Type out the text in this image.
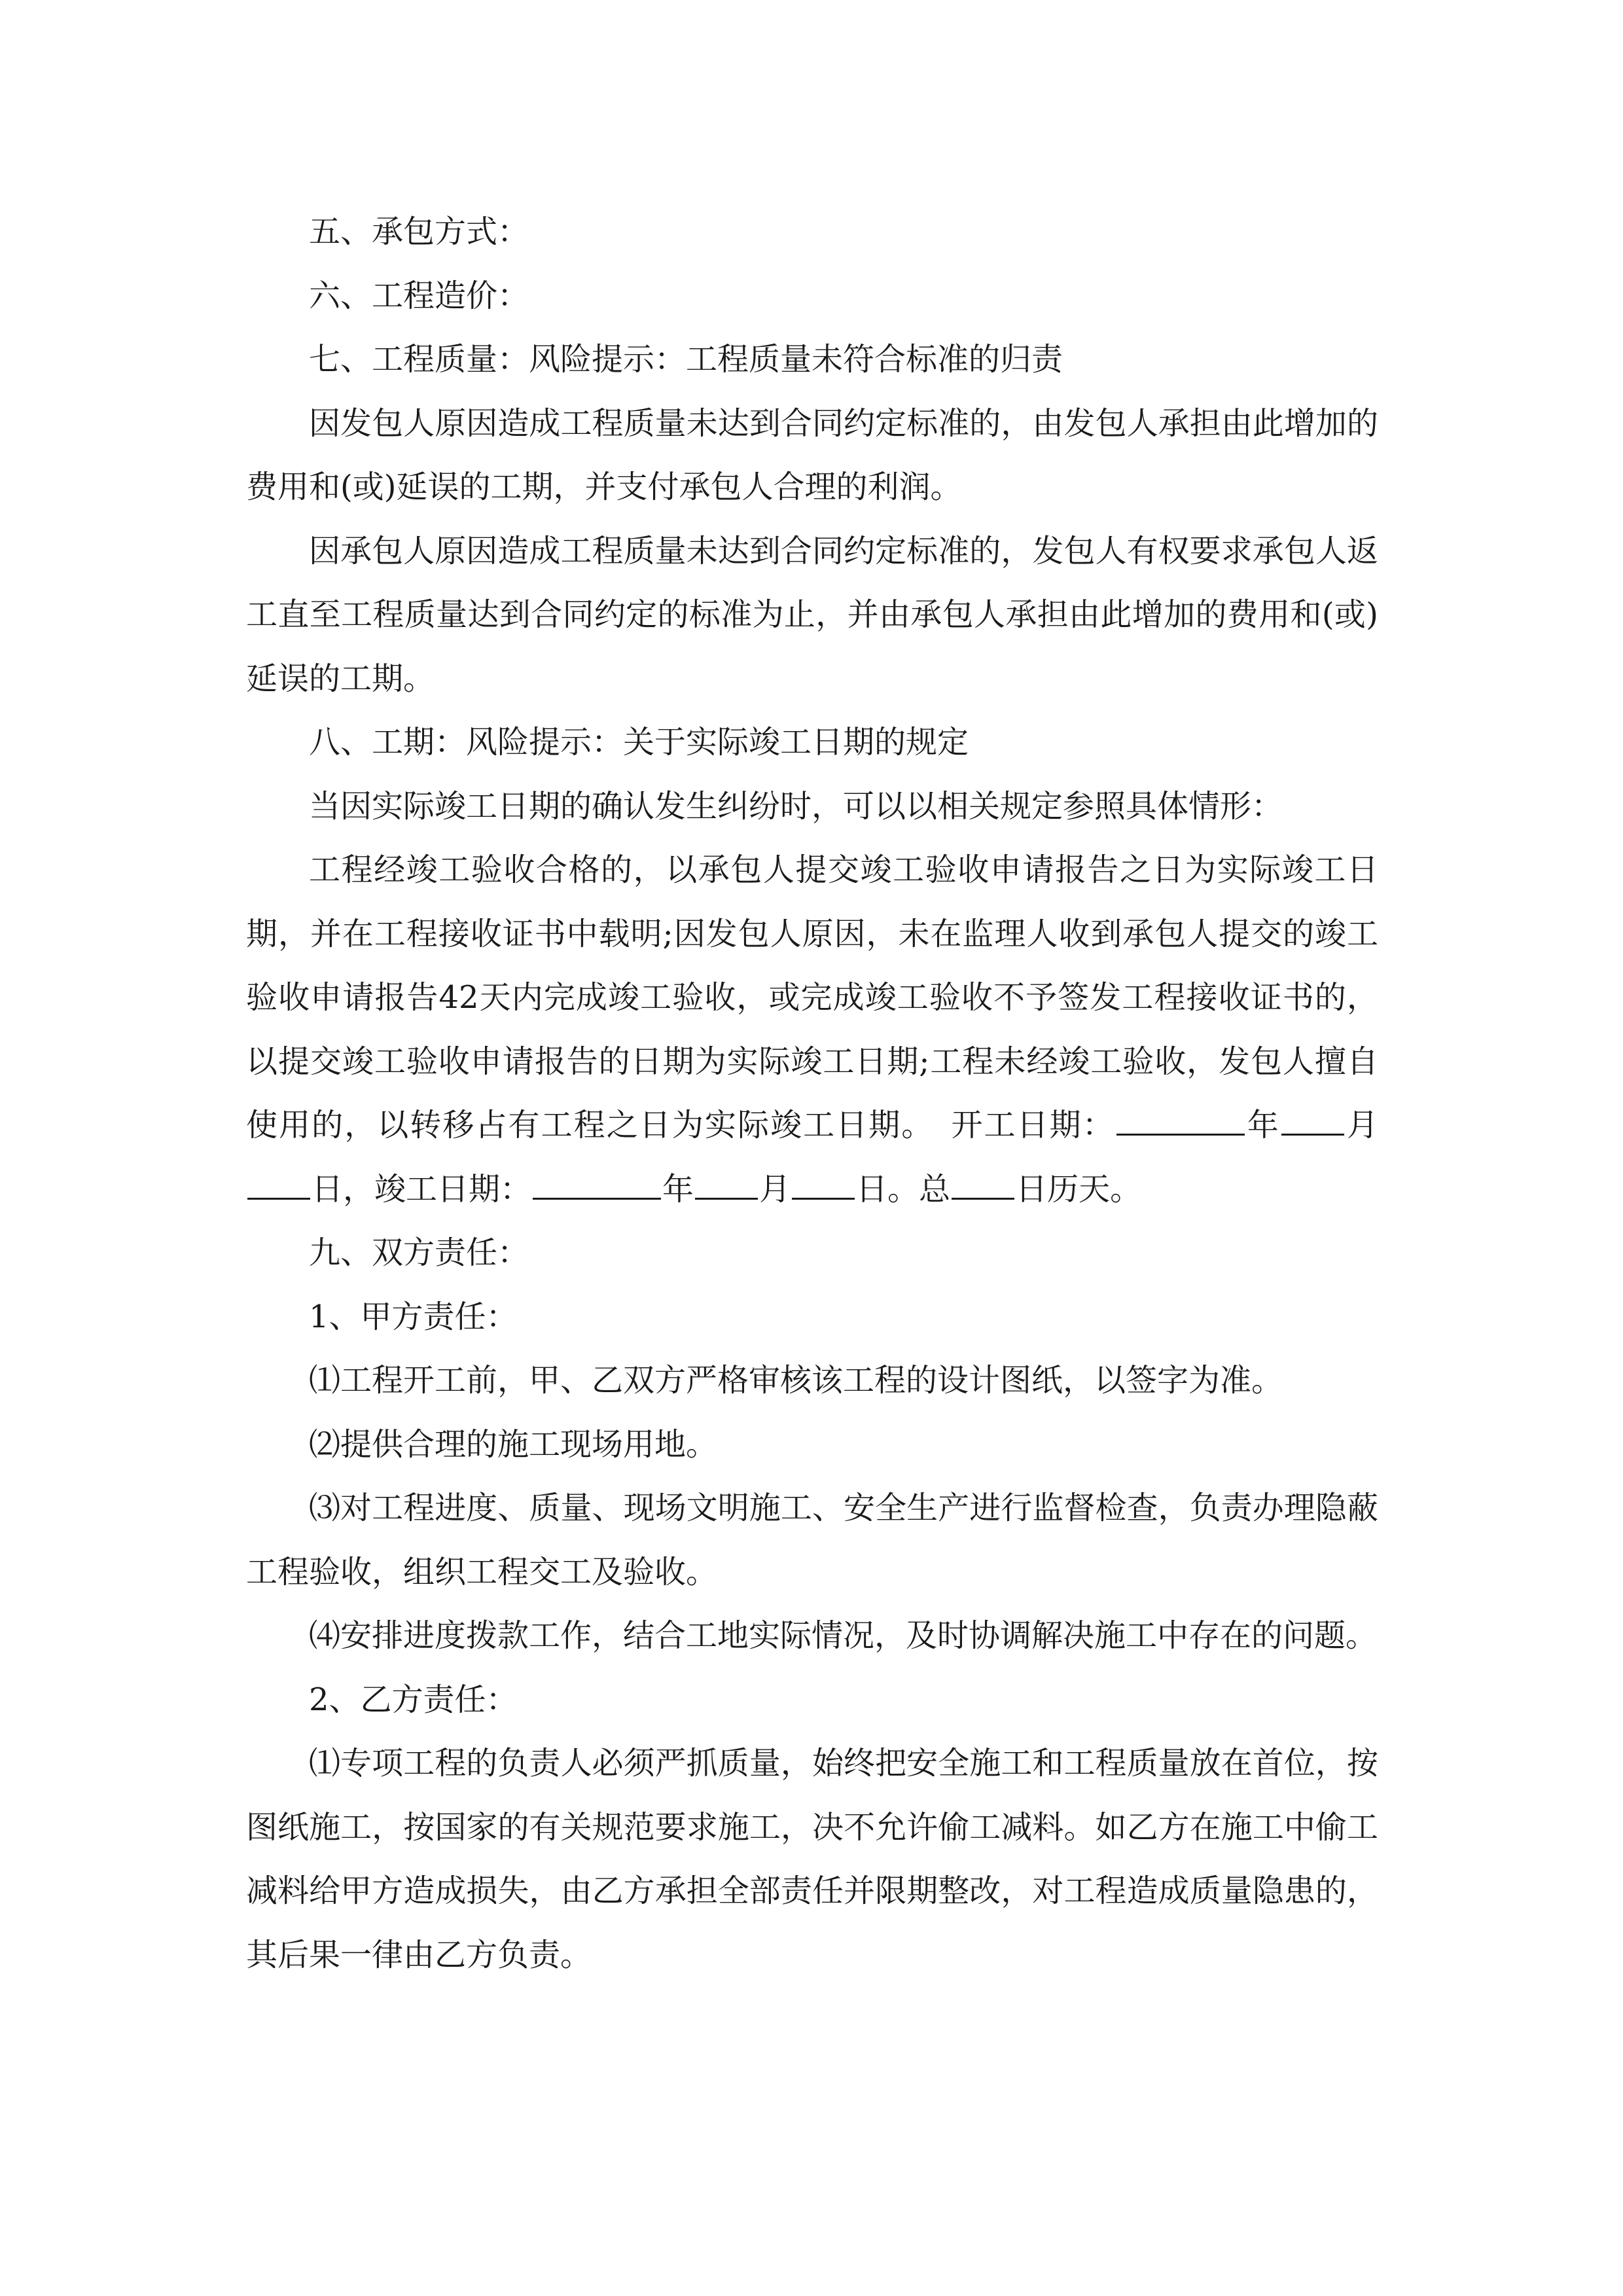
五、承包方式：

六、工程造价：

七、工程质量：风险提示：工程质量未符合标准的归责

因发包人原因造成工程质量未达到合同约定标准的，由发包人承担由此增加的费用和(或)延误的工期，并支付承包人合理的利润。

因承包人原因造成工程质量未达到合同约定标准的，发包人有权要求承包人返工直至工程质量达到合同约定的标准为止，并由承包人承担由此增加的费用和(或)延误的工期。

八、工期：风险提示：关于实际竣工日期的规定

当因实际竣工日期的确认发生纠纷时，可以以相关规定参照具体情形：

工程经竣工验收合格的，以承包人提交竣工验收申请报告之日为实际竣工日期，并在工程接收证书中载明;因发包人原因，未在监理人收到承包人提交的竣工验收申请报告42天内完成竣工验收，或完成竣工验收不予签发工程接收证书的，以提交竣工验收申请报告的日期为实际竣工日期;工程未经竣工验收，发包人擅自使用的，以转移占有工程之日为实际竣工日期。　 开工日期：	年 月日，竣工日期：	年 月 日。总 日历天。

九、双方责任：

1、甲方责任：

⑴工程开工前，甲、乙双方严格审核该工程的设计图纸，以签字为准。

⑵提供合理的施工现场用地。

⑶对工程进度、质量、现场文明施工、安全生产进行监督检查，负责办理隐蔽工程验收，组织工程交工及验收。

⑷安排进度拨款工作，结合工地实际情况，及时协调解决施工中存在的问题。

2、乙方责任：

⑴专项工程的负责人必须严抓质量，始终把安全施工和工程质量放在首位，按图纸施工，按国家的有关规范要求施工，决不允许偷工减料。如乙方在施工中偷工减料给甲方造成损失，由乙方承担全部责任并限期整改，对工程造成质量隐患的，其后果一律由乙方负责。
